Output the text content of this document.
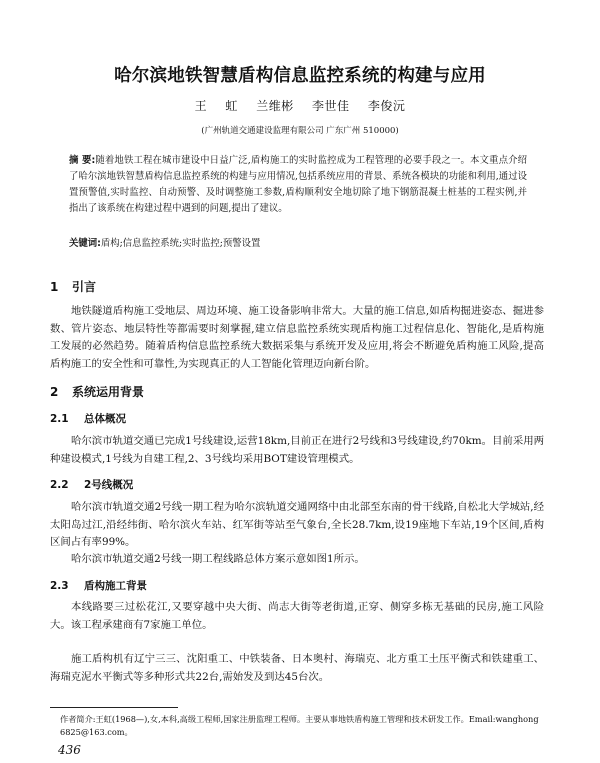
哈尔滨地铁智慧盾构信息监控系统的构建与应用
王 虹 兰维彬 李世佳 李俊沅
(广州轨道交通建设监理有限公司 广东广州 510000)

摘 要:随着地铁工程在城市建设中日益广泛,盾构施工的实时监控成为工程管理的必要手段之一。本文重点介绍了哈尔滨地铁智慧盾构信息监控系统的构建与应用情况,包括系统应用的背景、系统各模块的功能和利用,通过设置预警值,实时监控、自动预警、及时调整施工参数,盾构顺利安全地切除了地下钢筋混凝土桩基的工程实例,并指出了该系统在构建过程中遇到的问题,提出了建议。

关键词:盾构;信息监控系统;实时监控;预警设置

1 引言

地铁隧道盾构施工受地层、周边环境、施工设备影响非常大。大量的施工信息,如盾构掘进姿态、掘进参数、管片姿态、地层特性等都需要时刻掌握,建立信息监控系统实现盾构施工过程信息化、智能化,是盾构施工发展的必然趋势。随着盾构信息监控系统大数据采集与系统开发及应用,将会不断避免盾构施工风险,提高盾构施工的安全性和可靠性,为实现真正的人工智能化管理迈向新台阶。

2 系统运用背景
2.1 总体概况

哈尔滨市轨道交通已完成1号线建设,运营18km,目前正在进行2号线和3号线建设,约70km。目前采用两种建设模式,1号线为自建工程,2、3号线均采用BOT建设管理模式。

2.2 2号线概况

哈尔滨市轨道交通2号线一期工程为哈尔滨轨道交通网络中由北部至东南的骨干线路,自松北大学城站,经太阳岛过江,沿经纬街、哈尔滨火车站、红军街等站至气象台,全长28.7km,设19座地下车站,19个区间,盾构区间占有率99%。

哈尔滨市轨道交通2号线一期工程线路总体方案示意如图1所示。

2.3 盾构施工背景

本线路要三过松花江,又要穿越中央大街、尚志大街等老街道,正穿、侧穿多栋无基础的民房,施工风险大。该工程承建商有7家施工单位。

施工盾构机有辽宁三三、沈阳重工、中铁装备、日本奥村、海瑞克、北方重工土压平衡式和铁建重工、海瑞克泥水平衡式等多种形式共22台,需始发及到达45台次。

作者简介:王虹(1968—),女,本科,高级工程师,国家注册监理工程师。主要从事地铁盾构施工管理和技术研发工作。Email:wanghong 6825@163.com。

436
